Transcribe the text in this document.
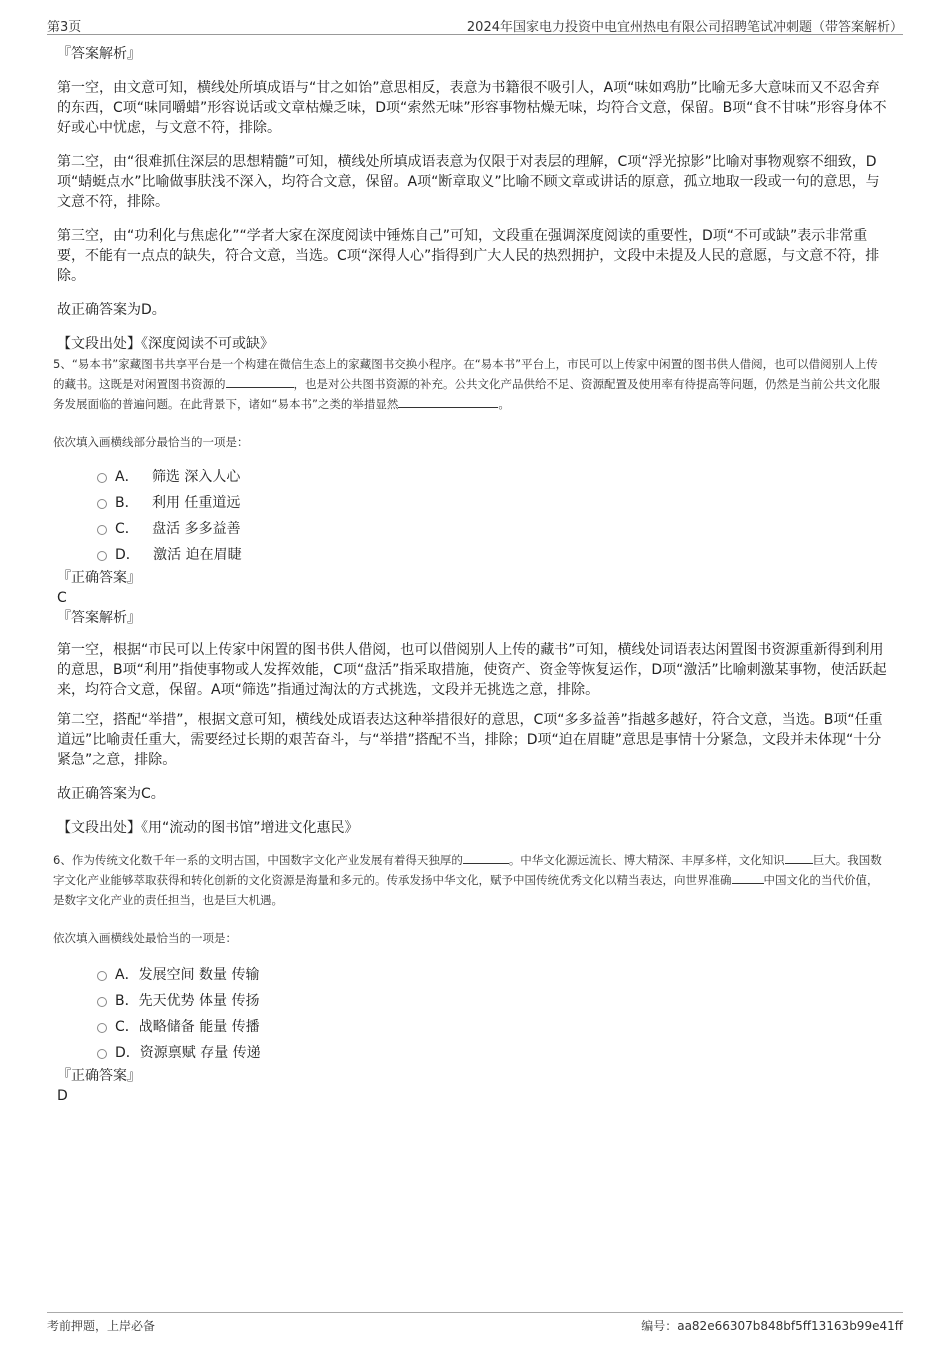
第3页	2024年国家电力投资中电宜州热电有限公司招聘笔试冲刺题（带答案解析）
『答案解析』

第一空，由文意可知，横线处所填成语与“甘之如饴”意思相反，表意为书籍很不吸引人，A项“味如鸡肋”比喻无多大意味而又不忍舍弃的东西，C项“味同嚼蜡”形容说话或文章枯燥乏味，D项“索然无味”形容事物枯燥无味，均符合文意，保留。B项“食不甘味”形容身体不好或心中忧虑，与文意不符，排除。

第二空，由“很难抓住深层的思想精髓”可知，横线处所填成语表意为仅限于对表层的理解，C项“浮光掠影”比喻对事物观察不细致，D项“蜻蜓点水”比喻做事肤浅不深入，均符合文意，保留。A项“断章取义”比喻不顾文章或讲话的原意，孤立地取一段或一句的意思，与文意不符，排除。

第三空，由“功利化与焦虑化”“学者大家在深度阅读中锤炼自己”可知，文段重在强调深度阅读的重要性，D项“不可或缺”表示非常重要，不能有一点点的缺失，符合文意，当选。C项“深得人心”指得到广大人民的热烈拥护，文段中未提及人民的意愿，与文意不符，排除。

故正确答案为D。

【文段出处】《深度阅读不可或缺》

5、“易本书”家藏图书共享平台是一个构建在微信生态上的家藏图书交换小程序。在“易本书”平台上，市民可以上传家中闲置的图书供人借阅，也可以借阅别人上传的藏书。这既是对闲置图书资源的	，也是对公共图书资源的补充。公共文化产品供给不足、资源配置及使用率有待提高等问题，仍然是当前公共文化服务发展面临的普遍问题。在此背景下，诸如“易本书”之类的举措显然	。

依次填入画横线部分最恰当的一项是：

A． 筛选 深入人心
B． 利用 任重道远
C． 盘活 多多益善
D． 激活 迫在眉睫
『正确答案』
C
『答案解析』

第一空，根据“市民可以上传家中闲置的图书供人借阅，也可以借阅别人上传的藏书”可知，横线处词语表达闲置图书资源重新得到利用的意思，B项“利用”指使事物或人发挥效能，C项“盘活”指采取措施，使资产、资金等恢复运作，D项“激活”比喻刺激某事物，使活跃起来，均符合文意，保留。A项“筛选”指通过淘汰的方式挑选，文段并无挑选之意，排除。

第二空，搭配“举措”，根据文意可知，横线处成语表达这种举措很好的意思，C项“多多益善”指越多越好，符合文意，当选。B项“任重道远”比喻责任重大，需要经过长期的艰苦奋斗，与“举措”搭配不当，排除；D项“迫在眉睫”意思是事情十分紧急，文段并未体现“十分紧急”之意，排除。

故正确答案为C。

【文段出处】《用“流动的图书馆”增进文化惠民》

6、作为传统文化数千年一系的文明古国，中国数字文化产业发展有着得天独厚的	。中华文化源远流长、博大精深、丰厚多样，文化知识 巨大。我国数字文化产业能够萃取获得和转化创新的文化资源是海量和多元的。传承发扬中华文化，赋予中国传统优秀文化以精当表达，向世界准确	中国文化的当代价值，是数字文化产业的责任担当，也是巨大机遇。

依次填入画横线处最恰当的一项是：

A．发展空间 数量 传输
B．先天优势 体量 传扬
C．战略储备 能量 传播
D．资源禀赋 存量 传递
『正确答案』
D
考前押题，上岸必备	编号：aa82e66307b848bf5ff13163b99e41ff
